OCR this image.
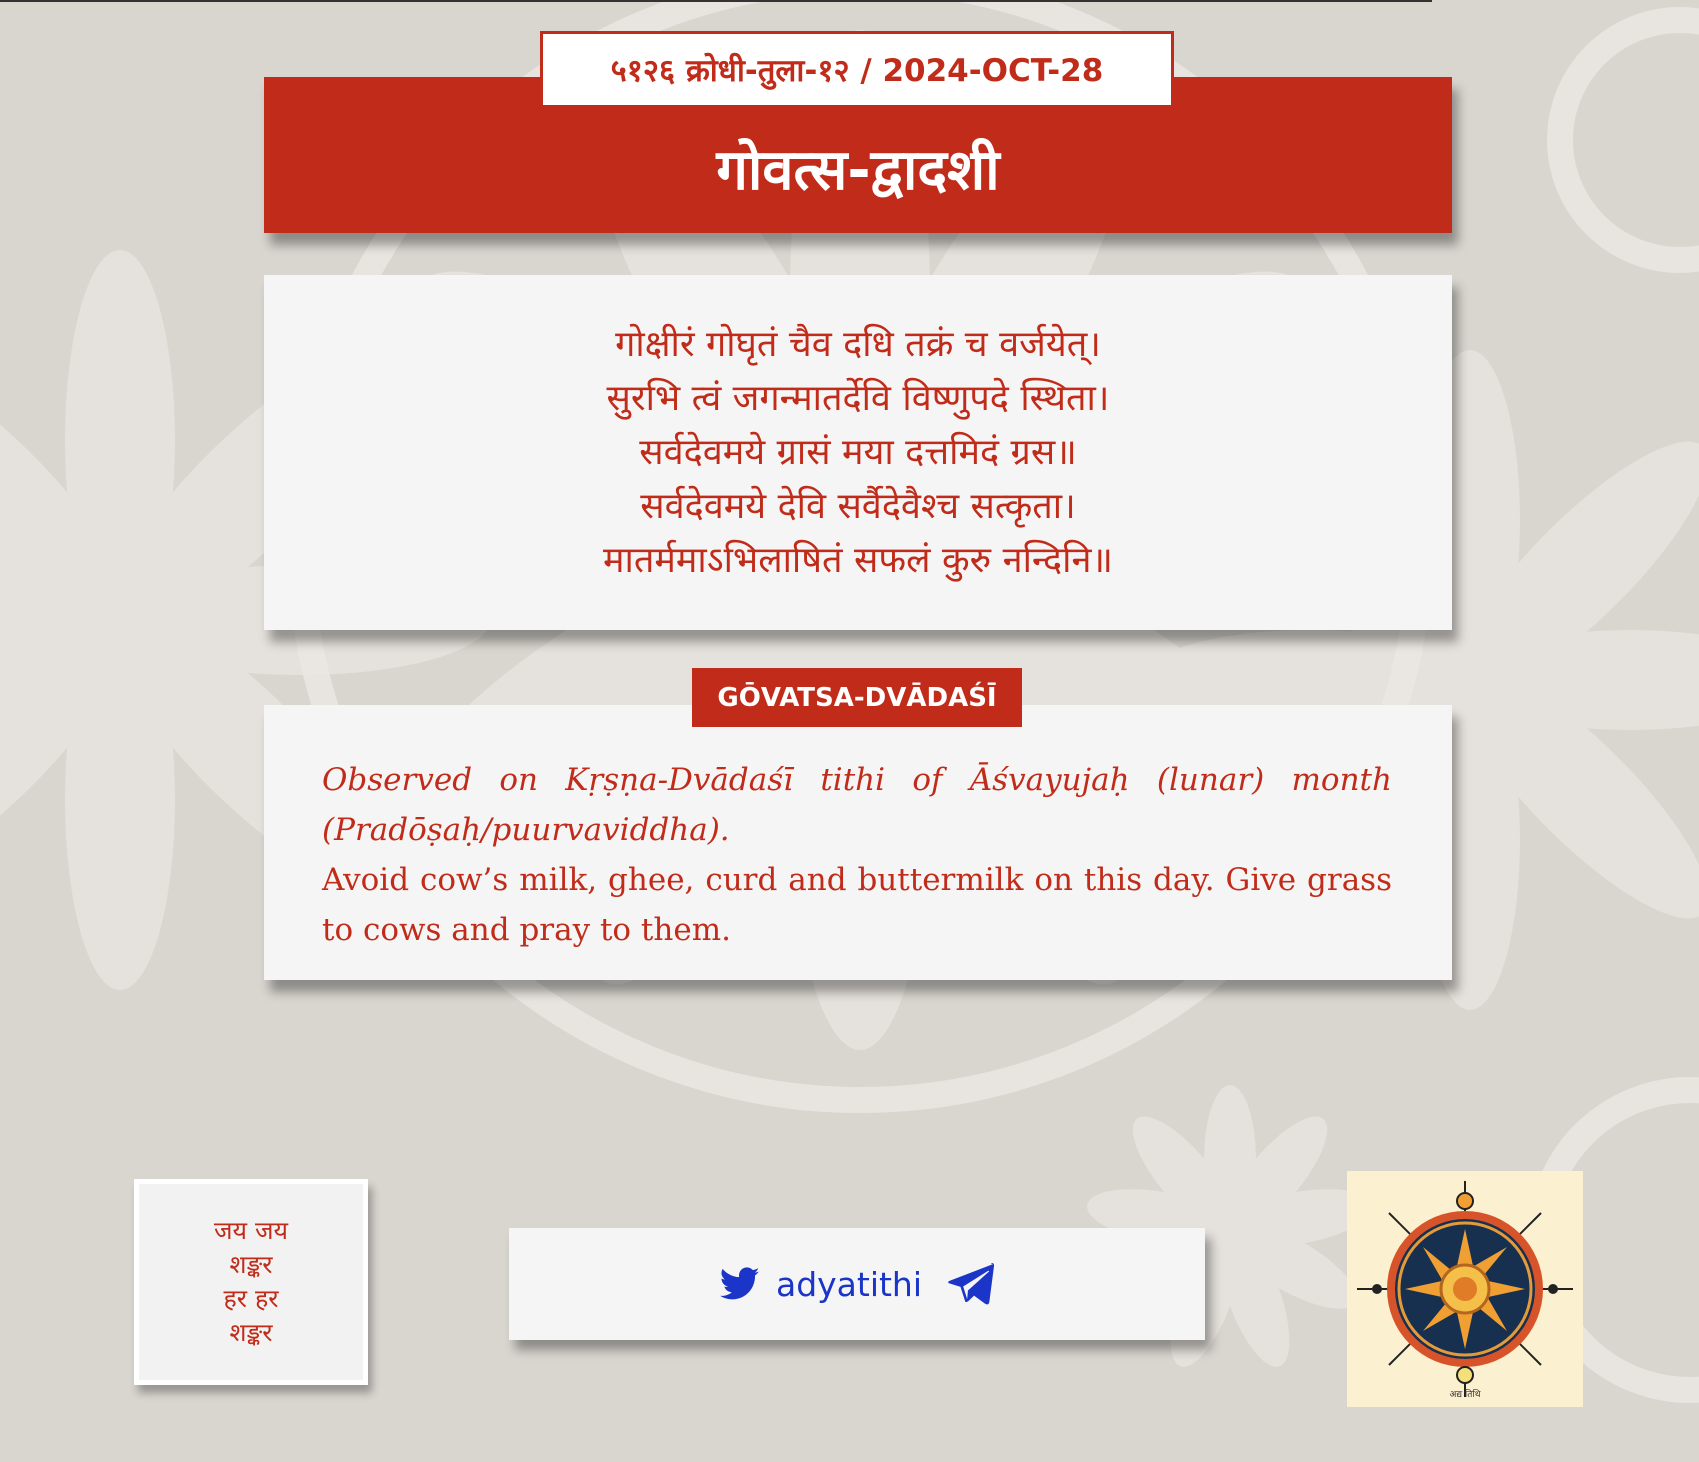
गोवत्स-द्वादशी
५१२६ क्रोधी-तुला-१२ / 2024-OCT-28
गोक्षीरं गोघृतं चैव दधि तक्रं च वर्जयेत्।
सुरभि त्वं जगन्मातर्देवि विष्णुपदे स्थिता।
सर्वदेवमये ग्रासं मया दत्तमिदं ग्रस॥
सर्वदेवमये देवि सर्वैदेवैश्च सत्कृता।
मातर्ममाऽभिलाषितं सफलं कुरु नन्दिनि॥
GŌVATSA-DVĀDAŚĪ

Observed on Kṛṣṇa-Dvādaśī tithi of Āśvayujaḥ (lunar) month (Pradōṣaḥ/puurvaviddha).

Avoid cow’s milk, ghee, curd and buttermilk on this day. Give grass to cows and pray to them.

जय जय
शङ्कर
हर हर
शङ्कर
adyatithi
अद्य तिथि
